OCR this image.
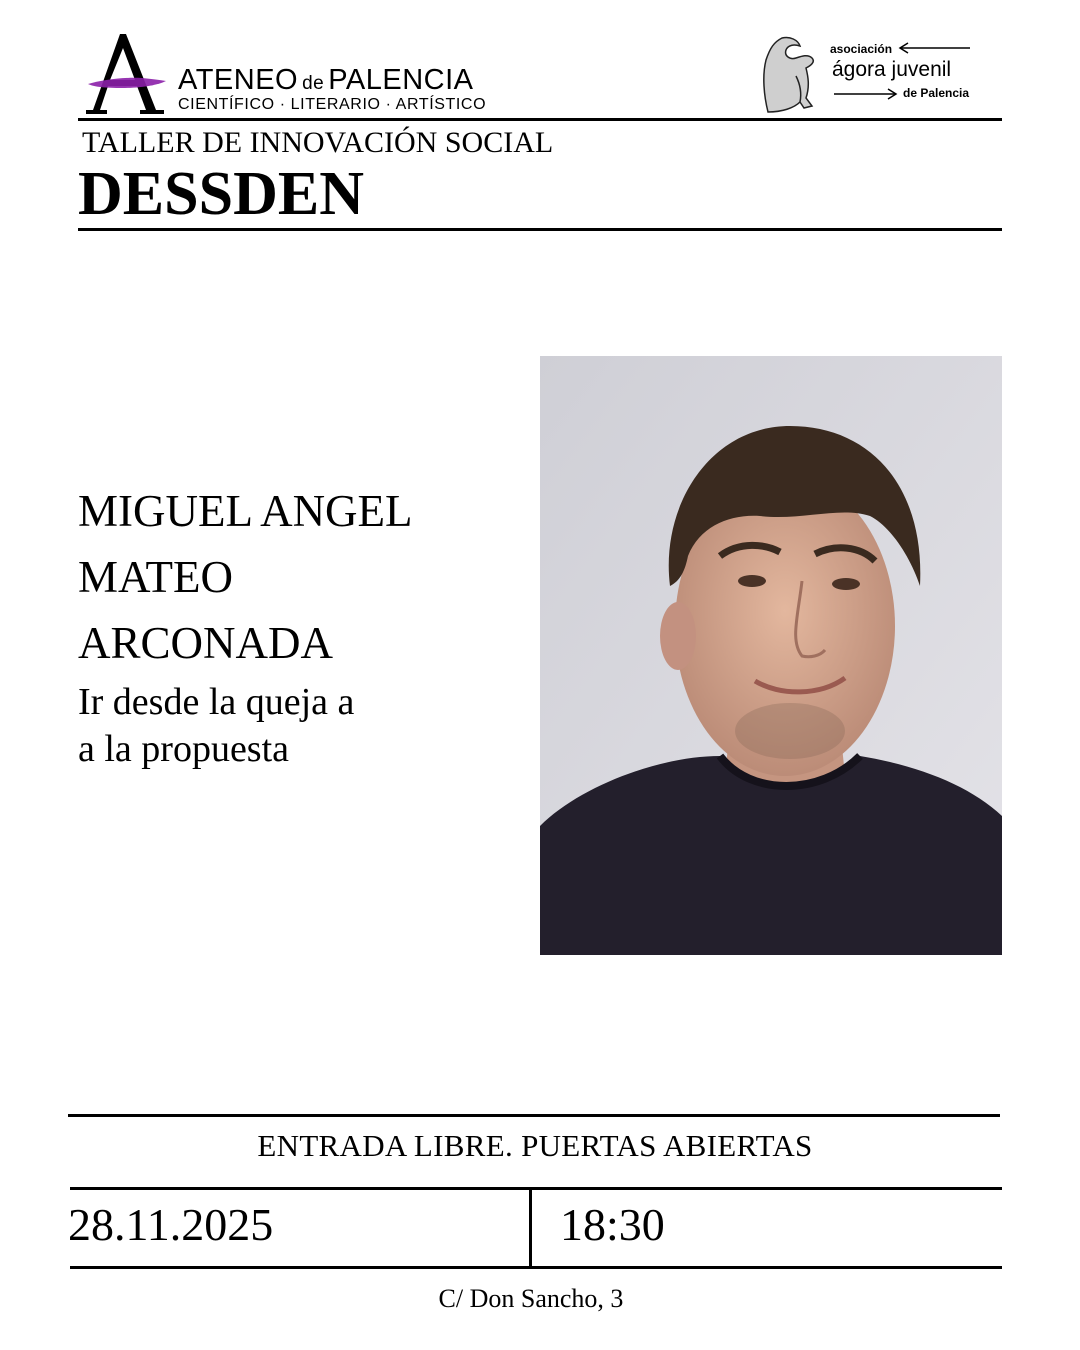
ATENEO de PALENCIA
CIENTÍFICO · LITERARIO · ARTÍSTICO
asociación
ágora juvenil
de Palencia
TALLER DE INNOVACIÓN SOCIAL
DESSDEN
MIGUEL ANGEL
MATEO
ARCONADA
Ir desde la queja a
a la propuesta
ENTRADA LIBRE. PUERTAS ABIERTAS
28.11.2025	18:30
C/ Don Sancho, 3
